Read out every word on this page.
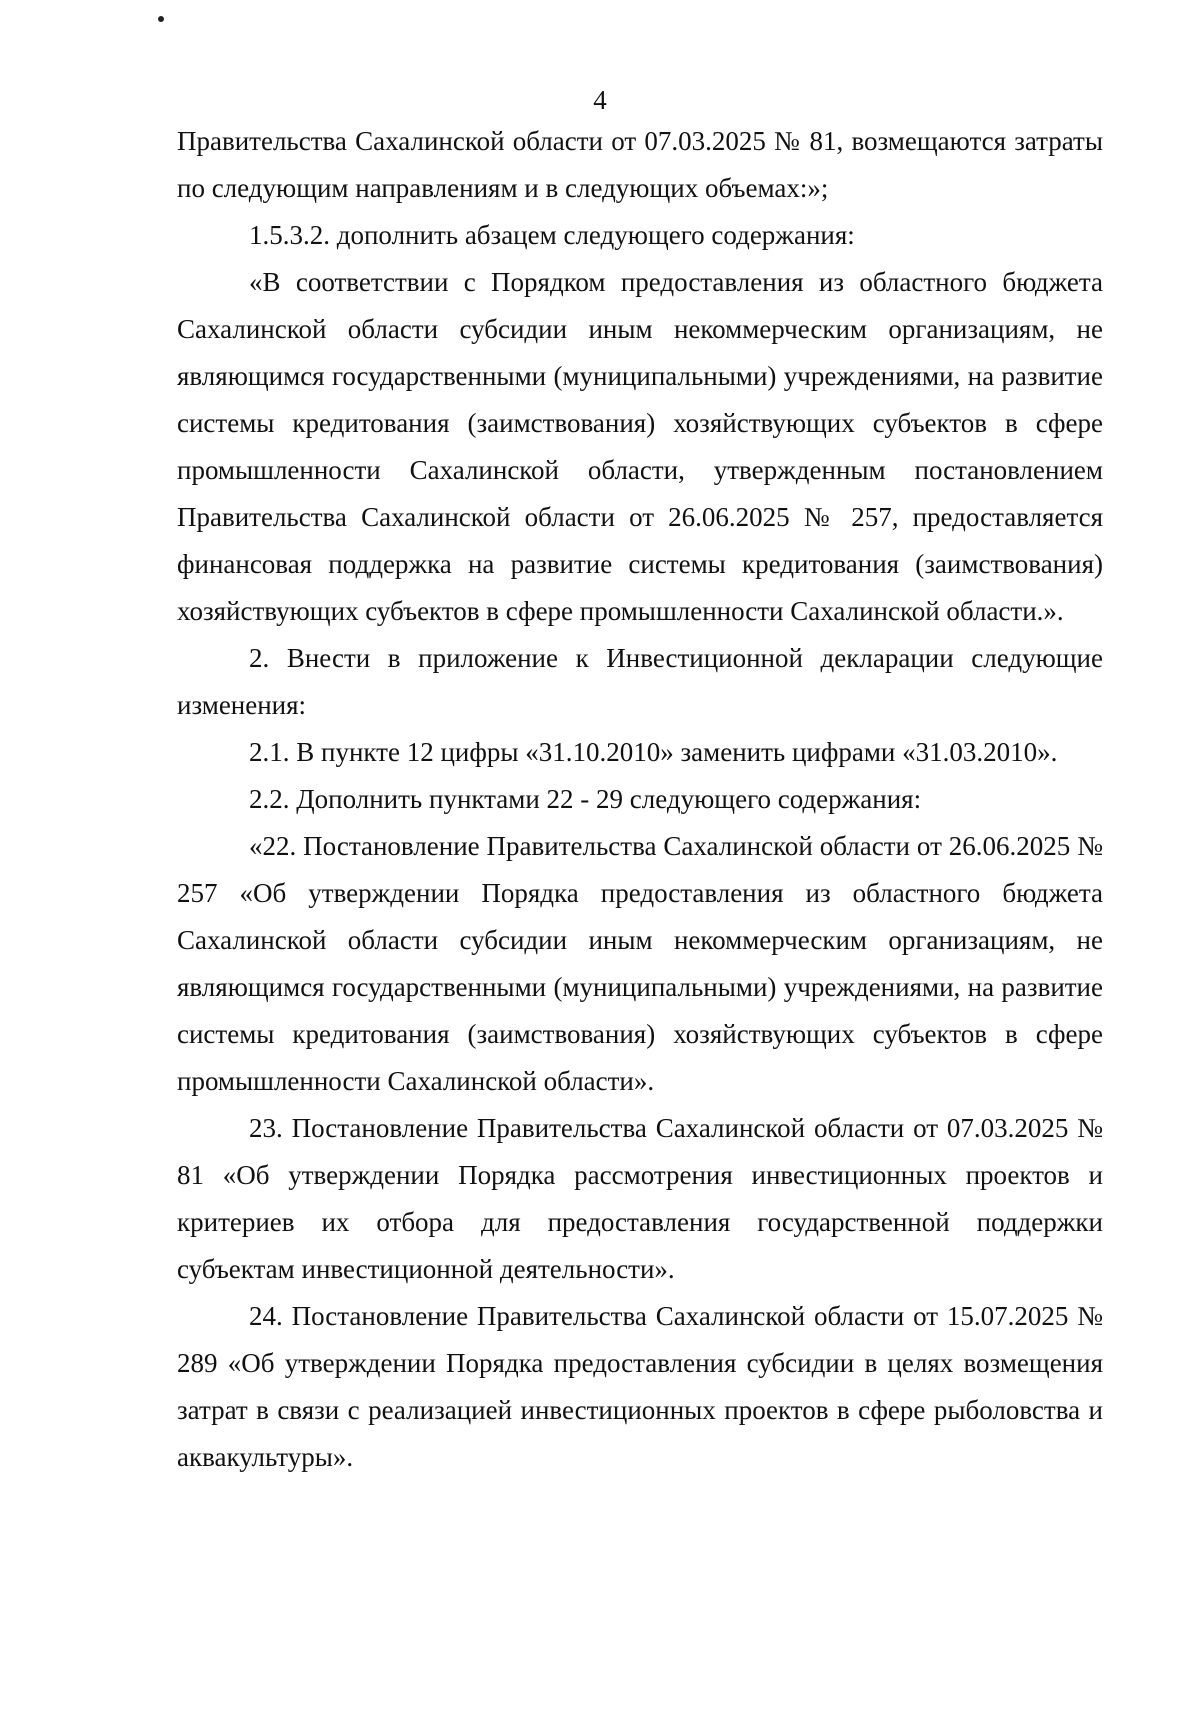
4

Правительства Сахалинской области от 07.03.2025 № 81, возмещаются затраты по следующим направлениям и в следующих объемах:»;

1.5.3.2. дополнить абзацем следующего содержания:

«В соответствии с Порядком предоставления из областного бюджета Сахалинской области субсидии иным некоммерческим организациям, не являющимся государственными (муниципальными) учреждениями, на развитие системы кредитования (заимствования) хозяйствующих субъектов в сфере промышленности Сахалинской области, утвержденным постановлением Правительства Сахалинской области от 26.06.2025 № 257, предоставляется финансовая поддержка на развитие системы кредитования (заимствования) хозяйствующих субъектов в сфере промышленности Сахалинской области.».

2. Внести в приложение к Инвестиционной декларации следующие изменения:

2.1. В пункте 12 цифры «31.10.2010» заменить цифрами «31.03.2010».

2.2. Дополнить пунктами 22 - 29 следующего содержания:

«22. Постановление Правительства Сахалинской области от 26.06.2025 № 257 «Об утверждении Порядка предоставления из областного бюджета Сахалинской области субсидии иным некоммерческим организациям, не являющимся государственными (муниципальными) учреждениями, на развитие системы кредитования (заимствования) хозяйствующих субъектов в сфере промышленности Сахалинской области».

23. Постановление Правительства Сахалинской области от 07.03.2025 № 81 «Об утверждении Порядка рассмотрения инвестиционных проектов и критериев их отбора для предоставления государственной поддержки субъектам инвестиционной деятельности».

24. Постановление Правительства Сахалинской области от 15.07.2025 № 289 «Об утверждении Порядка предоставления субсидии в целях возмещения затрат в связи с реализацией инвестиционных проектов в сфере рыболовства и аквакультуры».
